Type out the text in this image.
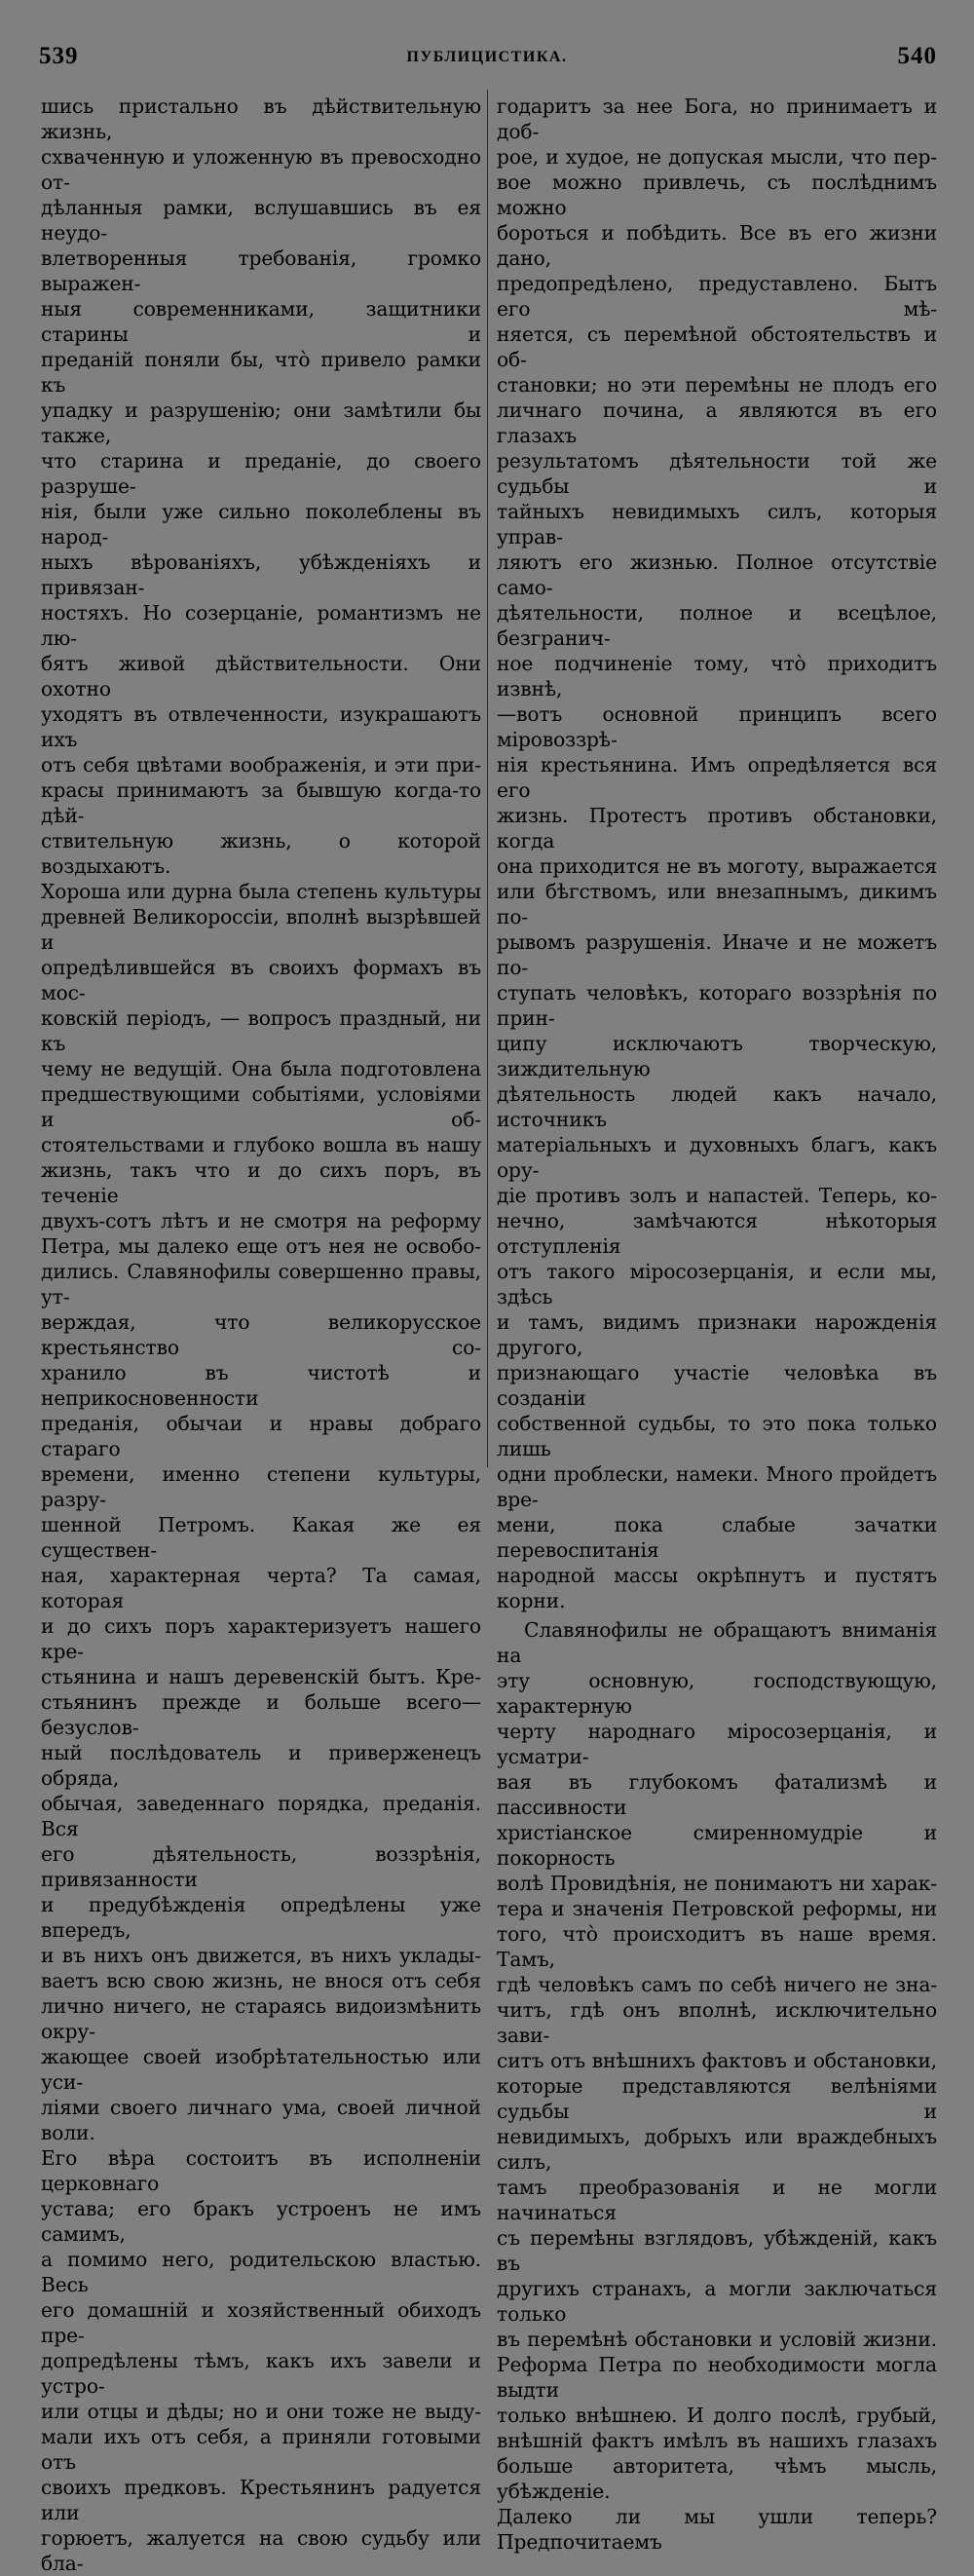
539	ПУБЛИЦИСТИКА.	540

шись пристально въ дѣйствительную жизнь,

схваченную и уложенную въ превосходно от-

дѣланныя рамки, вслушавшись въ ея неудо-

влетворенныя требованія, громко выражен-

ныя современниками, защитники старины и

преданій поняли бы, что̀ привело рамки къ

упадку и разрушенію; они замѣтили бы также,

что старина и преданіе, до своего разруше-

нія, были уже сильно поколеблены въ народ-

ныхъ вѣрованіяхъ, убѣжденіяхъ и привязан-

ностяхъ. Но созерцаніе, романтизмъ не лю-

бятъ живой дѣйствительности. Они охотно

уходятъ въ отвлеченности, изукрашаютъ ихъ

отъ себя цвѣтами воображенія, и эти при-

красы принимаютъ за бывшую когда-то дѣй-

ствительную жизнь, о которой воздыхаютъ.

Хороша или дурна была степень культуры

древней Великороссіи, вполнѣ вызрѣвшей и

опредѣлившейся въ своихъ формахъ въ мос-

ковскій періодъ, — вопросъ праздный, ни къ

чему не ведущій. Она была подготовлена

предшествующими событіями, условіями и об-

стоятельствами и глубоко вошла въ нашу

жизнь, такъ что и до сихъ поръ, въ теченіе

двухъ-сотъ лѣтъ и не смотря на реформу

Петра, мы далеко еще отъ нея не освобо-

дились. Славянофилы совершенно правы, ут-

верждая, что великорусское крестьянство со-

хранило въ чистотѣ и неприкосновенности

преданія, обычаи и нравы добраго стараго

времени, именно степени культуры, разру-

шенной Петромъ. Какая же ея существен-

ная, характерная черта? Та самая, которая

и до сихъ поръ характеризуетъ нашего кре-

стьянина и нашъ деревенскій бытъ. Кре-

стьянинъ прежде и больше всего—безуслов-

ный послѣдователь и приверженецъ обряда,

обычая, заведеннаго порядка, преданія. Вся

его дѣятельность, воззрѣнія, привязанности

и предубѣжденія опредѣлены уже впередъ,

и въ нихъ онъ движется, въ нихъ уклады-

ваетъ всю свою жизнь, не внося отъ себя

лично ничего, не стараясь видоизмѣнить окру-

жающее своей изобрѣтательностью или уси-

ліями своего личнаго ума, своей личной воли.

Его вѣра состоитъ въ исполненіи церковнаго

устава; его бракъ устроенъ не имъ самимъ,

а помимо него, родительскою властью. Весь

его домашній и хозяйственный обиходъ пре-

допредѣлены тѣмъ, какъ ихъ завели и устро-

или отцы и дѣды; но и они тоже не выду-

мали ихъ отъ себя, а приняли готовыми отъ

своихъ предковъ. Крестьянинъ радуется или

горюетъ, жалуется на свою судьбу или бла-

годаритъ за нее Бога, но принимаетъ и доб-

рое, и худое, не допуская мысли, что пер-

вое можно привлечь, съ послѣднимъ можно

бороться и побѣдить. Все въ его жизни дано,

предопредѣлено, предуставлено. Бытъ его мѣ-

няется, съ перемѣной обстоятельствъ и об-

становки; но эти перемѣны не плодъ его

личнаго почина, а являются въ его глазахъ

результатомъ дѣятельности той же судьбы и

тайныхъ невидимыхъ силъ, которыя управ-

ляютъ его жизнью. Полное отсутствіе само-

дѣятельности, полное и всецѣлое, безгранич-

ное подчиненіе тому, что̀ приходитъ извнѣ,

—вотъ основной принципъ всего міровоззрѣ-

нія крестьянина. Имъ опредѣляется вся его

жизнь. Протестъ противъ обстановки, когда

она приходится не въ моготу, выражается

или бѣгствомъ, или внезапнымъ, дикимъ по-

рывомъ разрушенія. Иначе и не можетъ по-

ступать человѣкъ, котораго воззрѣнія по прин-

ципу исключаютъ творческую, зиждительную

дѣятельность людей какъ начало, источникъ

матеріальныхъ и духовныхъ благъ, какъ ору-

діе противъ золъ и напастей. Теперь, ко-

нечно, замѣчаются нѣкоторыя отступленія

отъ такого міросозерцанія, и если мы, здѣсь

и тамъ, видимъ признаки нарожденія другого,

признающаго участіе человѣка въ созданіи

собственной судьбы, то это пока только лишь

одни проблески, намеки. Много пройдетъ вре-

мени, пока слабые зачатки перевоспитанія

народной массы окрѣпнутъ и пустятъ корни.

Славянофилы не обращаютъ вниманія на

эту основную, господствующую, характерную

черту народнаго міросозерцанія, и усматри-

вая въ глубокомъ фатализмѣ и пассивности

христіанское смиренномудріе и покорность

волѣ Провидѣнія, не понимаютъ ни харак-

тера и значенія Петровской реформы, ни

того, что̀ происходитъ въ наше время. Тамъ,

гдѣ человѣкъ самъ по себѣ ничего не зна-

читъ, гдѣ онъ вполнѣ, исключительно зави-

ситъ отъ внѣшнихъ фактовъ и обстановки,

которые представляются велѣніями судьбы и

невидимыхъ, добрыхъ или враждебныхъ силъ,

тамъ преобразованія и не могли начинаться

съ перемѣны взглядовъ, убѣжденій, какъ въ

другихъ странахъ, а могли заключаться только

въ перемѣнѣ обстановки и условій жизни.

Реформа Петра по необходимости могла выдти

только внѣшнею. И долго послѣ, грубый,

внѣшній фактъ имѣлъ въ нашихъ глазахъ

больше авторитета, чѣмъ мысль, убѣжденіе.

Далеко ли мы ушли теперь? Предпочитаемъ
